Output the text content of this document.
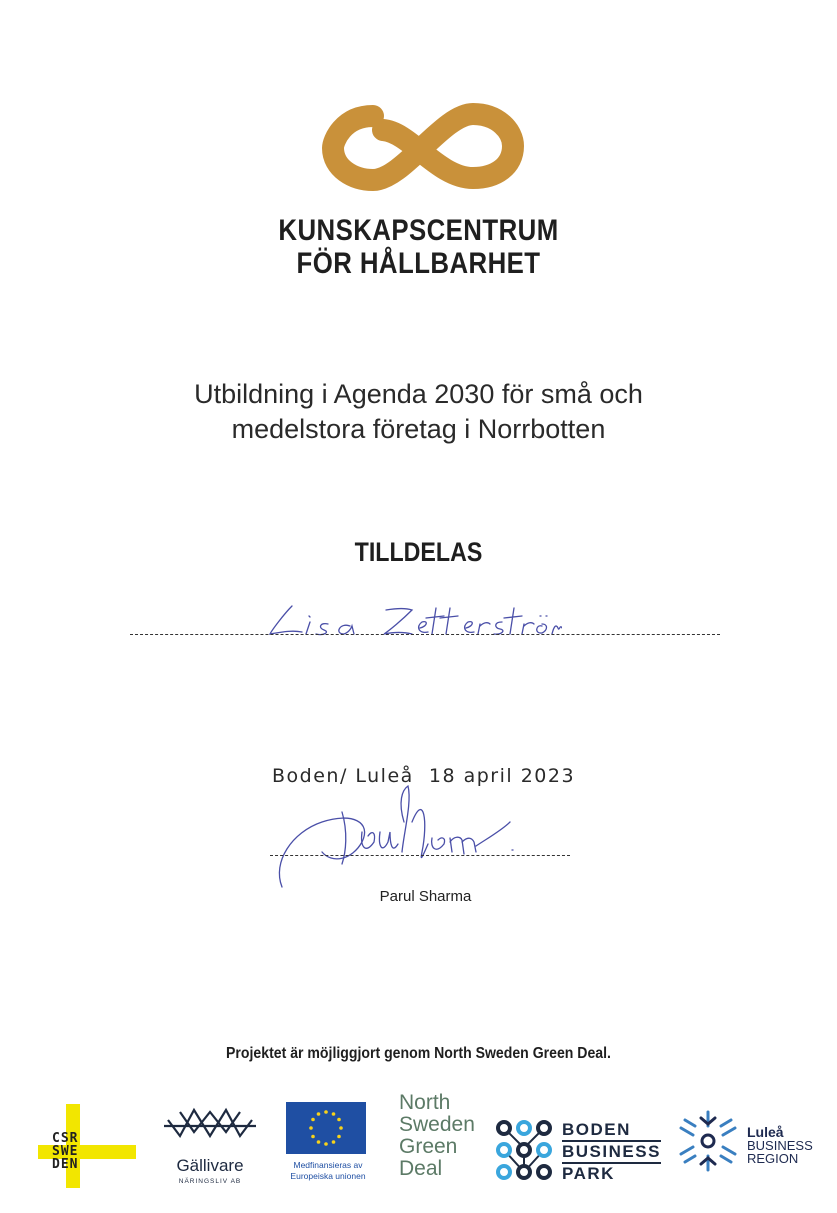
KUNSKAPSCENTRUM
FÖR HÅLLBARHET
Utbildning i Agenda 2030 för små och
medelstora företag i Norrbotten
TILLDELAS
Boden/ Luleå  18 april 2023
Parul Sharma
Projektet är möjliggjort genom North Sweden Green Deal.
CSR
SWE
DEN	Gällivare
NÄRINGSLIV AB
Medfinansieras av
Europeiska unionen
North
Sweden
Green
Deal
BODEN
BUSINESS
PARK
Luleå
BUSINESS
REGION
